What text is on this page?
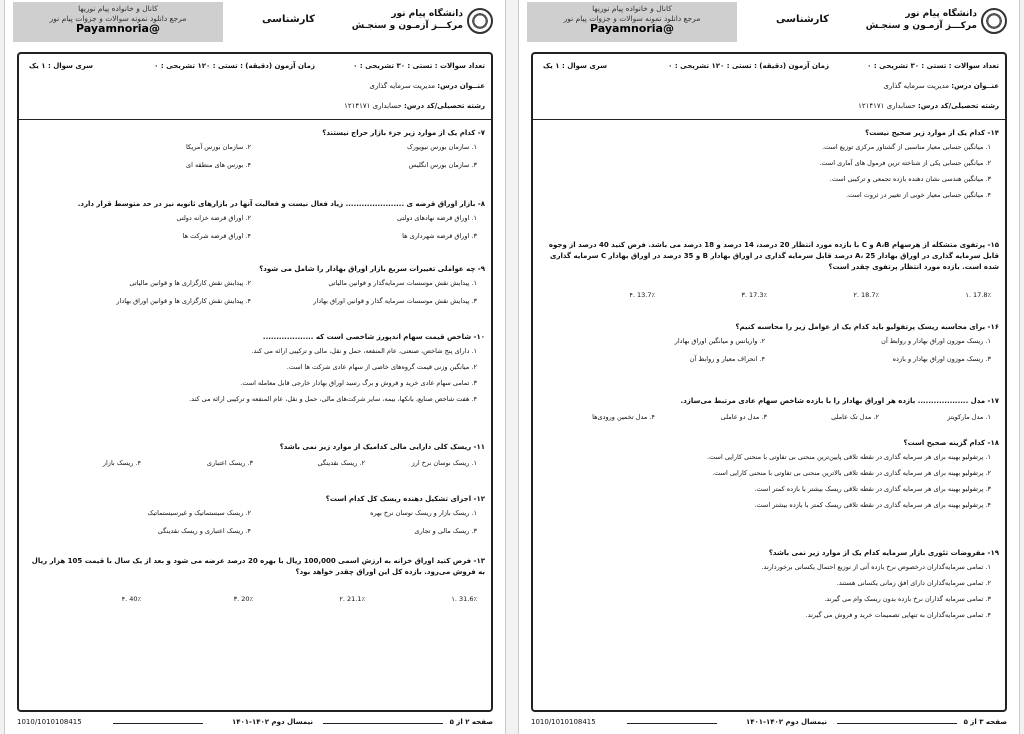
دانشگاه پیام نور
مرکـــز آزمـون و سنجـش
کارشناسی
کانال و خانواده پیام نوریها
مرجع دانلود نمونه سوالات و جزوات پیام نور
@Payamnoria
تعداد سوالات : تستی : ۳۰ تشریحی : ۰
زمان آزمون (دقیقه) : تستی : ۱۲۰ تشریحی : ۰
سری سوال : ۱ یک
عنــوان درس: مدیریت سرمایه گذاری
رشته تحصیلی/کد درس: حسابداری ۱۲۱۴۱۷۱
۷- کدام یک از موارد زیر جزء بازار حراج نیستند؟
۱. سازمان بورس نیویورک
۲. سازمان بورس آمریکا
۳. سازمان بورس انگلیس
۴. بورس های منطقه ای
۸- بازار اوراق قرضه ی ...................... زیاد فعال نیست و فعالیت آنها در بازارهای ثانویه نیز در حد متوسط قرار دارد.
۱. اوراق قرضه نهادهای دولتی
۲. اوراق قرضه خزانه دولتی
۳. اوراق قرضه شهرداری ها
۴. اوراق قرضه شرکت ها
۹- چه عواملی تغییرات سریع بازار اوراق بهادار را شامل می شود؟
۱. پیدایش نقش موسسات سرمایه‌گذار و قوانین مالیاتی
۲. پیدایش نقش کارگزاری ها و قوانین مالیاتی
۳. پیدایش نقش موسسات سرمایه گذار و قوانین اوراق بهادار
۴. پیدایش نقش کارگزاری ها و قوانین اوراق بهادار
۱۰- شاخص قیمت سهام اندپورز شاخصی است که ...................
۱. دارای پنج شاخص، صنعتی، عام المنفعه، حمل و نقل، مالی و ترکیبی ارائه می کند.
۲. میانگین وزنی قیمت گروه‌های خاصی از سهام عادی شرکت ها است.
۳. تمامی سهام عادی خرید و فروش و برگ رسید اوراق بهادار خارجی قابل معامله است.
۴. هفت شاخص صنایع، بانکها، بیمه، سایر شرکت‌های مالی، حمل و نقل، عام المنفعه و ترکیبی ارائه می کند.
۱۱- ریسک کلی دارایی مالی کدامیک از موارد زیر نمی باشد؟
۱. ریسک نوسان نرخ ارز
۲. ریسک نقدینگی
۳. ریسک اعتباری
۴. ریسک بازار
۱۲- اجزای تشکیل دهنده ریسک کل کدام است؟
۱. ریسک بازار و ریسک نوسان نرخ بهره
۲. ریسک سیستماتیک و غیرسیستماتیک
۳. ریسک مالی و تجاری
۴. ریسک اعتباری و ریسک نقدینگی
۱۳- فرض کنید اوراق خزانه به ارزش اسمی 100,000 ریال با بهره 20 درصد عرضه می شود و بعد از یک سال با قیمت 105 هزار ریال به فروش می‌رود. بازده کل این اوراق چقدر خواهد بود؟
31.6٪ .۱
21.1٪ .۲
20٪ .۳
40٪ .۴
صفحه ۲ از ۵
نیمسال دوم ۱۴۰۲-۱۴۰۱
1010/101010841‌5
دانشگاه پیام نور
مرکـــز آزمـون و سنجـش
کارشناسی
کانال و خانواده پیام نوریها
مرجع دانلود نمونه سوالات و جزوات پیام نور
@Payamnoria
تعداد سوالات : تستی : ۳۰ تشریحی : ۰
زمان آزمون (دقیقه) : تستی : ۱۲۰ تشریحی : ۰
سری سوال : ۱ یک
عنــوان درس: مدیریت سرمایه گذاری
رشته تحصیلی/کد درس: حسابداری ۱۲۱۴۱۷۱
۱۴- کدام یک از موارد زیر صحیح نیست؟
۱. میانگین حسابی معیار مناسبی از گشتاور مرکزی توزیع است.
۲. میانگین حسابی یکی از شناخته ترین فرمول های آماری است.
۳. میانگین هندسی نشان دهنده بازده تجمعی و ترکیبی است.
۴. میانگین حسابی معیار خوبی از تغییر در ثروت است.
۱۵- پرتفوی متشکله از هرسهام A،B و C با بازده مورد انتظار 20 درصد، 14 درصد و 18 درصد می باشد. فرض کنید 40 درصد از وجوه قابل سرمایه گذاری در اوراق بهادار A، 25 درصد قابل سرمایه گذاری در اوراق بهادار B و 35 درصد در اوراق بهادار C سرمایه گذاری شده است. بازده مورد انتظار پرتفوی چقدر است؟
17.8٪ .۱
18.7٪ .۲
17.3٪ .۳
13.7٪ .۴
۱۶- برای محاسبه ریسک پرتفولیو باید کدام یک از عوامل زیر را محاسبه کنیم؟
۱. ریسک موزون اوراق بهادار و روابط آن
۲. واریانس و میانگین اوراق بهادار
۳. ریسک موزون اوراق بهادار و بازده
۴. انحراف معیار و روابط آن
۱۷- مدل ................... بازده هر اوراق بهادار را با بازده شاخص سهام عادی مرتبط می‌سازد.
۱. مدل مارکویتز
۲. مدل تک عاملی
۳. مدل دو عاملی
۴. مدل تخمین ورودی‌ها
۱۸- کدام گزینه صحیح است؟
۱. پرتفولیو بهینه برای هر سرمایه گذاری در نقطه تلاقی پایین‌ترین منحنی بی تفاوتی با منحنی کارایی است.
۲. پرتفولیو بهینه برای هر سرمایه گذاری در نقطه تلاقی بالاترین منحنی بی تفاوتی با منحنی کارایی است.
۳. پرتفولیو بهینه برای هر سرمایه گذاری در نقطه تلاقی ریسک بیشتر با بازده کمتر است.
۴. پرتفولیو بهینه برای هر سرمایه گذاری در نقطه تلاقی ریسک کمتر با بازده بیشتر است.
۱۹- مفروضات تئوری بازار سرمایه کدام یک از موارد زیر نمی باشد؟
۱. تمامی سرمایه‌گذاران درخصوص نرخ بازده آتی از توزیع احتمال یکسانی برخوردارند.
۲. تمامی سرمایه‌گذاران دارای افق زمانی یکسانی هستند.
۳. تمامی سرمایه گذاران نرخ بازده بدون ریسک وام می گیرند.
۴. تمامی سرمایه‌گذاران به تنهایی تصمیمات خرید و فروش می گیرند.
صفحه ۳ از ۵
نیمسال دوم ۱۴۰۲-۱۴۰۱
1010/101010841‌5
